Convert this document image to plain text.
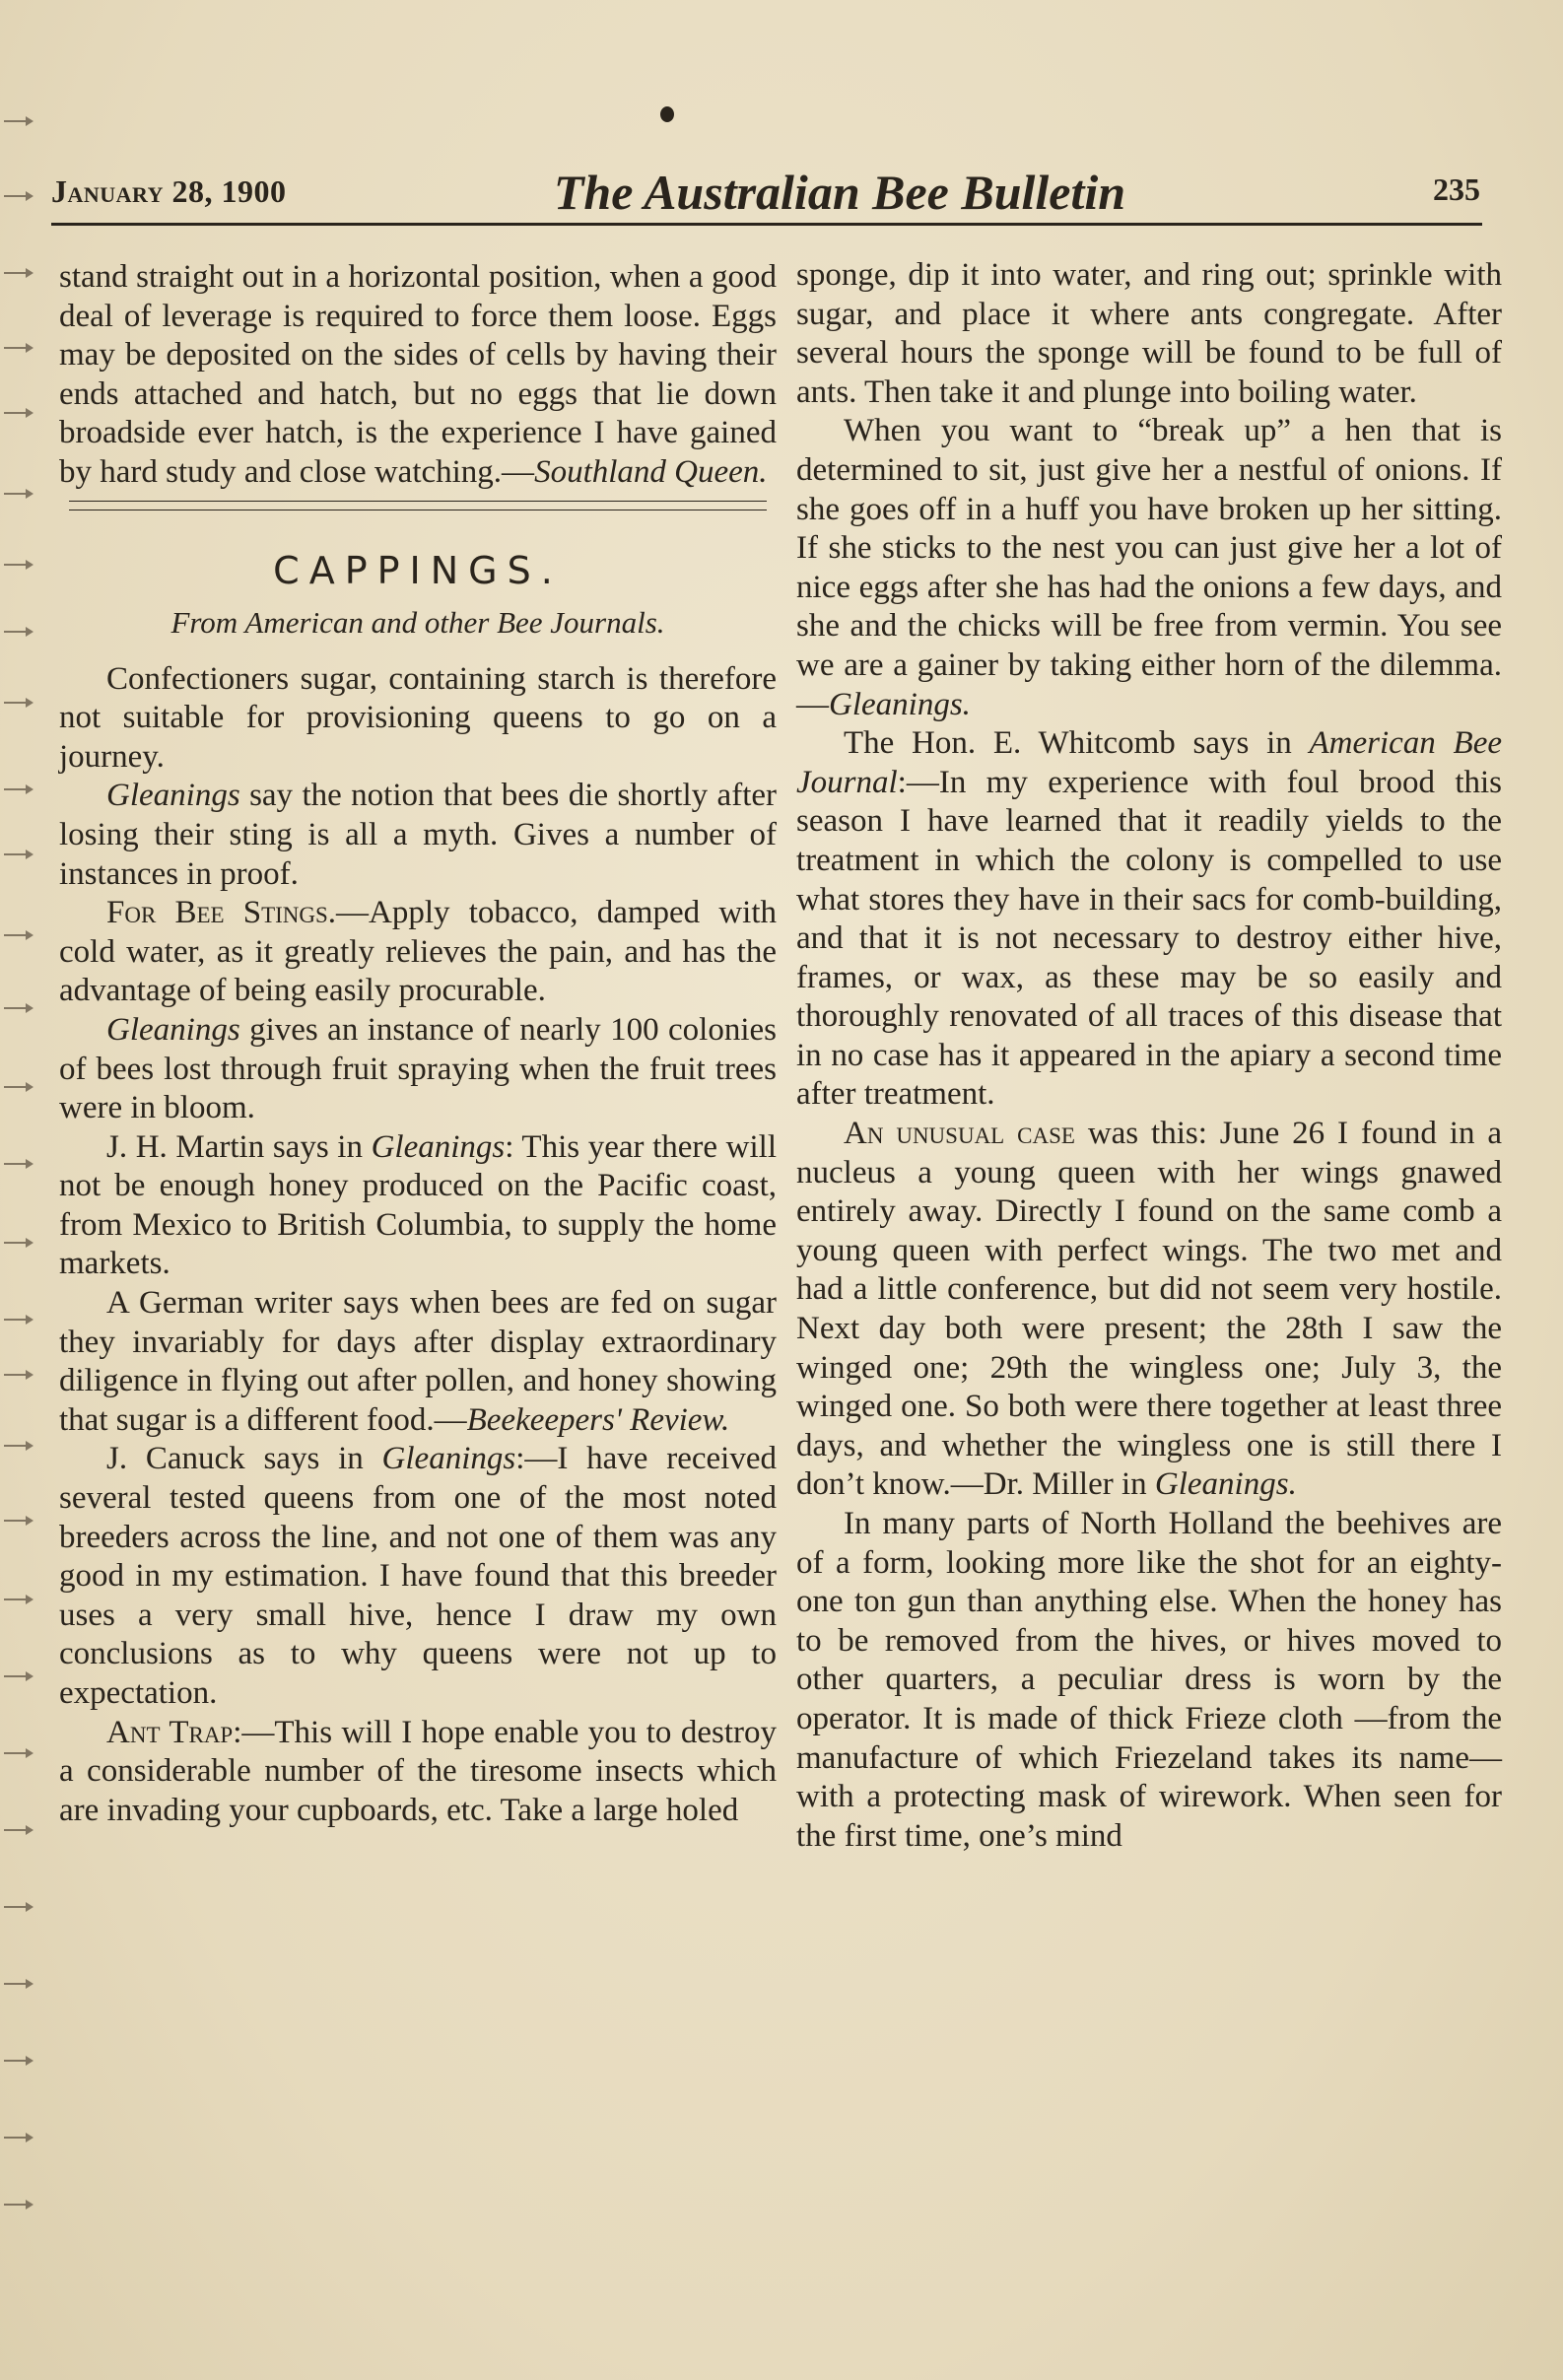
January 28, 1900	The Australian Bee Bulletin	235

stand straight out in a horizontal position, when a good deal of leverage is required to force them loose. Eggs may be deposited on the sides of cells by having their ends attached and hatch, but no eggs that lie down broadside ever hatch, is the experience I have gained by hard study and close watching.—Southland Queen.

CAPPINGS.
From American and other Bee Journals.

Confectioners sugar, containing starch is therefore not suitable for provisioning queens to go on a journey.

Gleanings say the notion that bees die shortly after losing their sting is all a myth. Gives a number of instances in proof.

For Bee Stings.—Apply tobacco, damped with cold water, as it greatly relieves the pain, and has the advantage of being easily procurable.

Gleanings gives an instance of nearly 100 colonies of bees lost through fruit spraying when the fruit trees were in bloom.

J. H. Martin says in Gleanings: This year there will not be enough honey produced on the Pacific coast, from Mexico to British Columbia, to supply the home markets.

A German writer says when bees are fed on sugar they invariably for days after display extraordinary diligence in flying out after pollen, and honey showing that sugar is a different food.—Beekeepers' Review.

J. Canuck says in Gleanings:—I have received several tested queens from one of the most noted breeders across the line, and not one of them was any good in my estimation. I have found that this breeder uses a very small hive, hence I draw my own conclusions as to why queens were not up to expectation.

Ant Trap:—This will I hope enable you to destroy a considerable number of the tiresome insects which are invading your cupboards, etc. Take a large holed

sponge, dip it into water, and ring out; sprinkle with sugar, and place it where ants congregate. After several hours the sponge will be found to be full of ants. Then take it and plunge into boiling water.

When you want to “break up” a hen that is determined to sit, just give her a nestful of onions. If she goes off in a huff you have broken up her sitting. If she sticks to the nest you can just give her a lot of nice eggs after she has had the onions a few days, and she and the chicks will be free from vermin. You see we are a gainer by taking either horn of the dilemma.—Gleanings.

The Hon. E. Whitcomb says in American Bee Journal:—In my experience with foul brood this season I have learned that it readily yields to the treatment in which the colony is compelled to use what stores they have in their sacs for comb-building, and that it is not necessary to destroy either hive, frames, or wax, as these may be so easily and thoroughly renovated of all traces of this disease that in no case has it appeared in the apiary a second time after treatment.

An unusual case was this: June 26 I found in a nucleus a young queen with her wings gnawed entirely away. Directly I found on the same comb a young queen with perfect wings. The two met and had a little conference, but did not seem very hostile. Next day both were present; the 28th I saw the winged one; 29th the wingless one; July 3, the winged one. So both were there together at least three days, and whether the wingless one is still there I don’t know.—Dr. Miller in Gleanings.

In many parts of North Holland the beehives are of a form, looking more like the shot for an eighty-one ton gun than anything else. When the honey has to be removed from the hives, or hives moved to other quarters, a peculiar dress is worn by the operator. It is made of thick Frieze cloth —from the manufacture of which Friezeland takes its name—with a protecting mask of wirework. When seen for the first time, one’s mind
